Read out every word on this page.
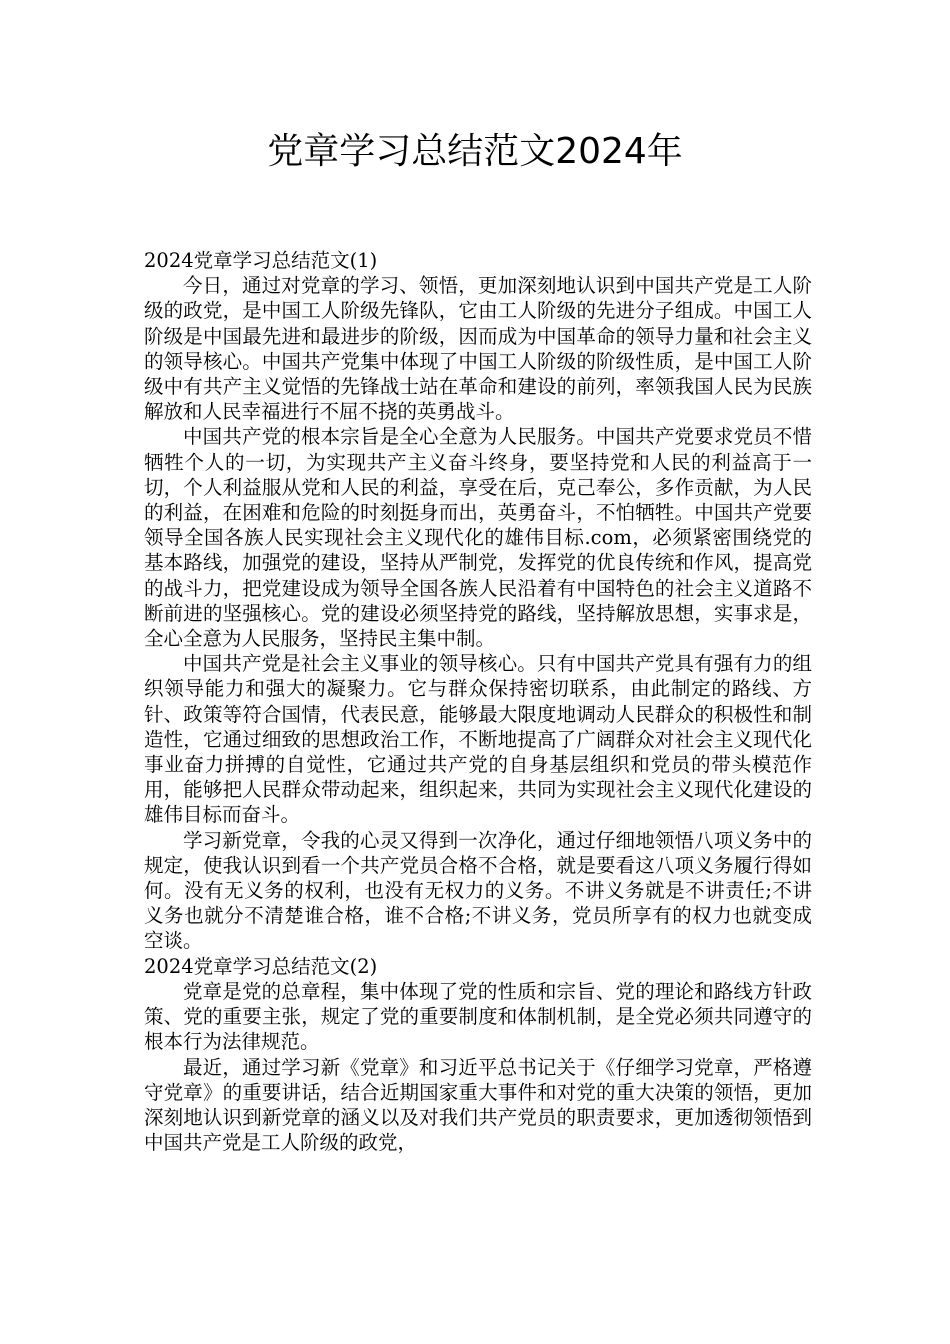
党章学习总结范文2024年

2024党章学习总结范文(1)

今日，通过对党章的学习、领悟，更加深刻地认识到中国共产党是工人阶级的政党，是中国工人阶级先锋队，它由工人阶级的先进分子组成。中国工人阶级是中国最先进和最进步的阶级，因而成为中国革命的领导力量和社会主义的领导核心。中国共产党集中体现了中国工人阶级的阶级性质，是中国工人阶级中有共产主义觉悟的先锋战士站在革命和建设的前列，率领我国人民为民族解放和人民幸福进行不屈不挠的英勇战斗。

中国共产党的根本宗旨是全心全意为人民服务。中国共产党要求党员不惜牺牲个人的一切，为实现共产主义奋斗终身，要坚持党和人民的利益高于一切，个人利益服从党和人民的利益，享受在后，克己奉公，多作贡献，为人民的利益，在困难和危险的时刻挺身而出，英勇奋斗，不怕牺牲。中国共产党要领导全国各族人民实现社会主义现代化的雄伟目标.com，必须紧密围绕党的基本路线，加强党的建设，坚持从严制党，发挥党的优良传统和作风，提高党的战斗力，把党建设成为领导全国各族人民沿着有中国特色的社会主义道路不断前进的坚强核心。党的建设必须坚持党的路线，坚持解放思想，实事求是，全心全意为人民服务，坚持民主集中制。

中国共产党是社会主义事业的领导核心。只有中国共产党具有强有力的组织领导能力和强大的凝聚力。它与群众保持密切联系，由此制定的路线、方针、政策等符合国情，代表民意，能够最大限度地调动人民群众的积极性和制造性，它通过细致的思想政治工作，不断地提高了广阔群众对社会主义现代化事业奋力拼搏的自觉性，它通过共产党的自身基层组织和党员的带头模范作用，能够把人民群众带动起来，组织起来，共同为实现社会主义现代化建设的雄伟目标而奋斗。

学习新党章，令我的心灵又得到一次净化，通过仔细地领悟八项义务中的规定，使我认识到看一个共产党员合格不合格，就是要看这八项义务履行得如何。没有无义务的权利，也没有无权力的义务。不讲义务就是不讲责任;不讲义务也就分不清楚谁合格，谁不合格;不讲义务，党员所享有的权力也就变成空谈。

2024党章学习总结范文(2)

党章是党的总章程，集中体现了党的性质和宗旨、党的理论和路线方针政策、党的重要主张，规定了党的重要制度和体制机制，是全党必须共同遵守的根本行为法律规范。

最近，通过学习新《党章》和习近平总书记关于《仔细学习党章，严格遵守党章》的重要讲话，结合近期国家重大事件和对党的重大决策的领悟，更加深刻地认识到新党章的涵义以及对我们共产党员的职责要求，更加透彻领悟到中国共产党是工人阶级的政党，
